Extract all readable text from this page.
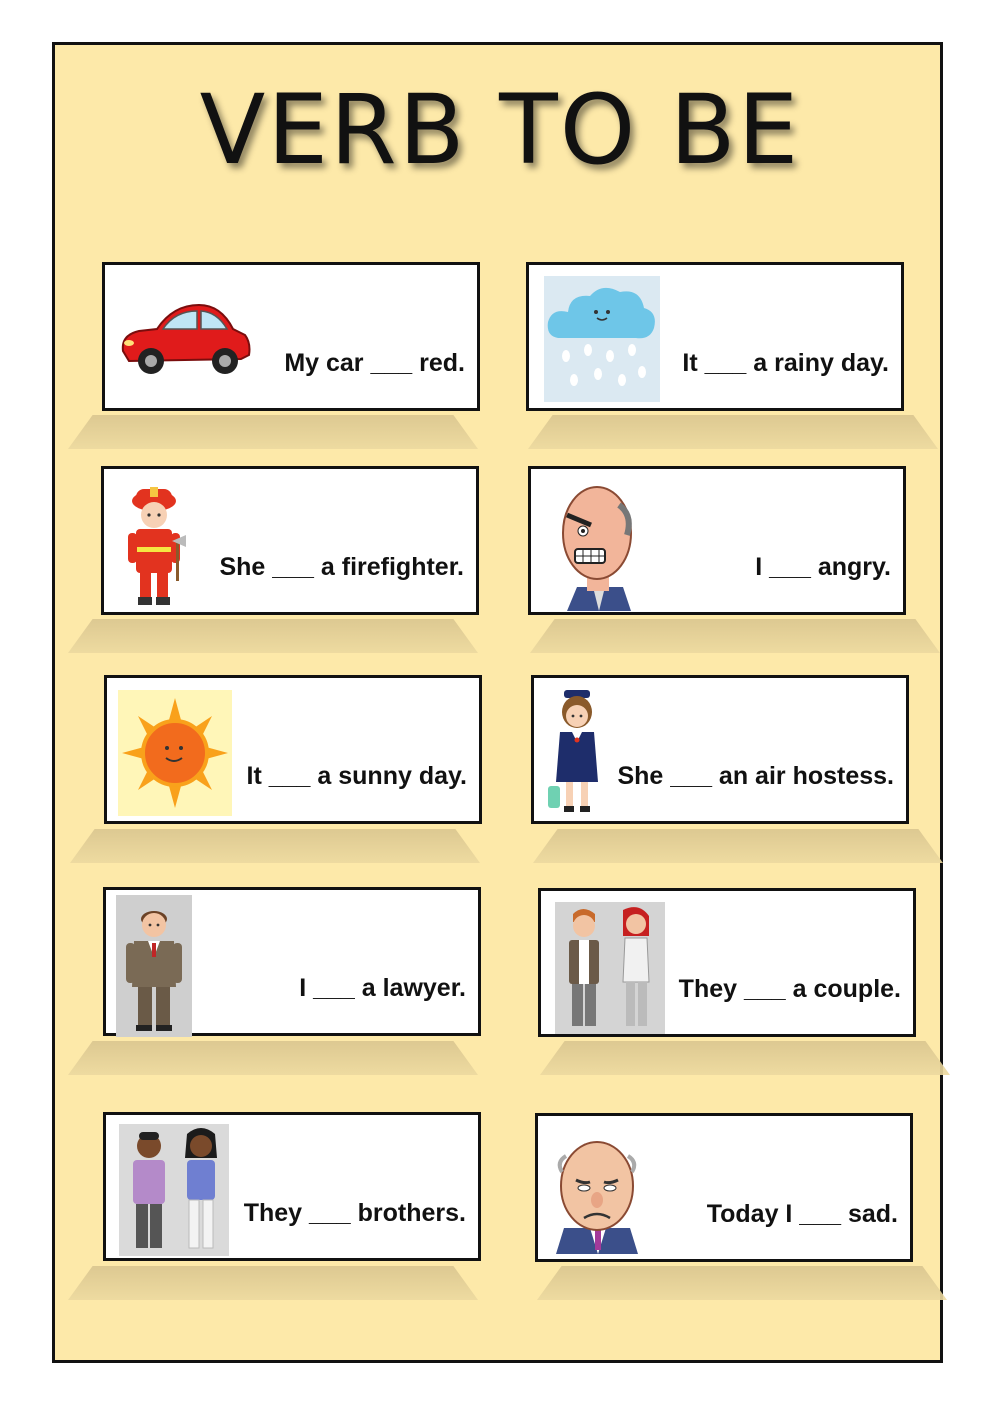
VERB TO BE
My car ___ red.	It ___ a rainy day.
She ___ a firefighter.	I ___ angry.
It ___ a sunny day.	She ___ an air hostess.
I ___ a lawyer.	They ___ a couple.
They ___ brothers.	Today I ___ sad.
